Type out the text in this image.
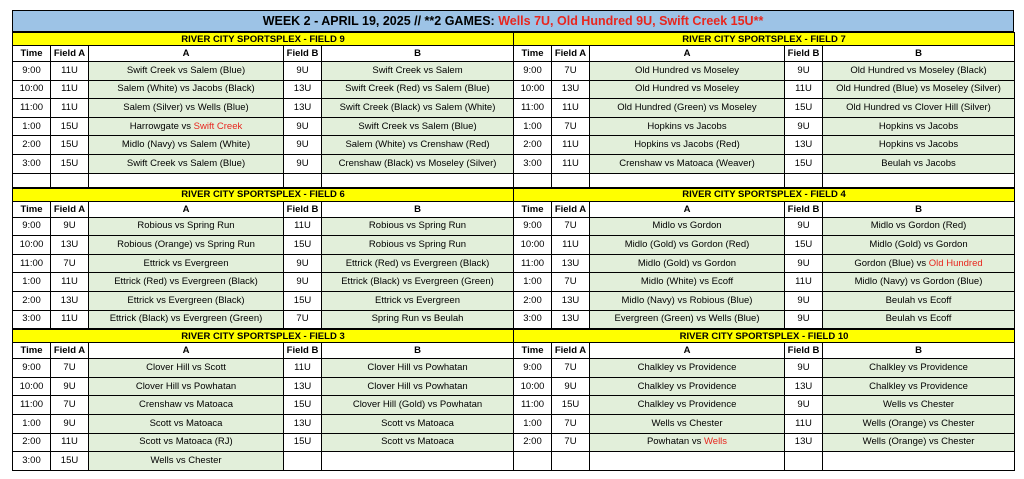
WEEK 2 - APRIL 19, 2025 // **2 GAMES: Wells 7U, Old Hundred 9U, Swift Creek 15U**
RIVER CITY SPORTSPLEX - FIELD 9				
Time	Field A	A	Field B	B
9:00	11U	Swift Creek vs Salem (Blue)	9U	Swift Creek vs Salem
10:00	11U	Salem (White) vs Jacobs (Black)	13U	Swift Creek (Red) vs Salem (Blue)
11:00	11U	Salem (Silver) vs Wells (Blue)	13U	Swift Creek (Black) vs Salem (White)
1:00	15U	Harrowgate vs Swift Creek	9U	Swift Creek vs Salem (Blue)
2:00	15U	Midlo (Navy) vs Salem (White)	9U	Salem (White) vs Crenshaw (Red)
3:00	15U	Swift Creek vs Salem (Blue)	9U	Crenshaw (Black) vs Moseley (Silver)

RIVER CITY SPORTSPLEX - FIELD 7				
Time	Field A	A	Field B	B
9:00	7U	Old Hundred vs Moseley	9U	Old Hundred vs Moseley (Black)
10:00	13U	Old Hundred vs Moseley	11U	Old Hundred (Blue) vs Moseley (Silver)
11:00	11U	Old Hundred (Green) vs Moseley	15U	Old Hundred vs Clover Hill (Silver)
1:00	7U	Hopkins vs Jacobs	9U	Hopkins vs Jacobs
2:00	11U	Hopkins vs Jacobs (Red)	13U	Hopkins vs Jacobs
3:00	11U	Crenshaw vs Matoaca (Weaver)	15U	Beulah vs Jacobs

RIVER CITY SPORTSPLEX - FIELD 6				
Time	Field A	A	Field B	B
9:00	9U	Robious vs Spring Run	11U	Robious vs Spring Run
10:00	13U	Robious (Orange) vs Spring Run	15U	Robious vs Spring Run
11:00	7U	Ettrick vs Evergreen	9U	Ettrick (Red) vs Evergreen (Black)
1:00	11U	Ettrick (Red) vs Evergreen (Black)	9U	Ettrick (Black) vs Evergreen (Green)
2:00	13U	Ettrick vs Evergreen (Black)	15U	Ettrick vs Evergreen
3:00	11U	Ettrick (Black) vs Evergreen (Green)	7U	Spring Run vs Beulah
RIVER CITY SPORTSPLEX - FIELD 4				
Time	Field A	A	Field B	B
9:00	7U	Midlo vs Gordon	9U	Midlo vs Gordon (Red)
10:00	11U	Midlo (Gold) vs Gordon (Red)	15U	Midlo (Gold) vs Gordon
11:00	13U	Midlo (Gold) vs Gordon	9U	Gordon (Blue) vs Old Hundred
1:00	7U	Midlo (White) vs Ecoff	11U	Midlo (Navy) vs Gordon (Blue)
2:00	13U	Midlo (Navy) vs Robious (Blue)	9U	Beulah vs Ecoff
3:00	13U	Evergreen (Green) vs Wells (Blue)	9U	Beulah vs Ecoff
RIVER CITY SPORTSPLEX - FIELD 3				
Time	Field A	A	Field B	B
9:00	7U	Clover Hill vs Scott	11U	Clover Hill vs Powhatan
10:00	9U	Clover Hill vs Powhatan	13U	Clover Hill vs Powhatan
11:00	7U	Crenshaw vs Matoaca	15U	Clover Hill (Gold) vs Powhatan
1:00	9U	Scott vs Matoaca	13U	Scott vs Matoaca
2:00	11U	Scott vs Matoaca (RJ)	15U	Scott vs Matoaca
3:00	15U	Wells vs Chester		
RIVER CITY SPORTSPLEX - FIELD 10				
Time	Field A	A	Field B	B
9:00	7U	Chalkley vs Providence	9U	Chalkley vs Providence
10:00	9U	Chalkley vs Providence	13U	Chalkley vs Providence
11:00	15U	Chalkley vs Providence	9U	Wells vs Chester
1:00	7U	Wells vs Chester	11U	Wells (Orange) vs Chester
2:00	7U	Powhatan vs Wells	13U	Wells (Orange) vs Chester
